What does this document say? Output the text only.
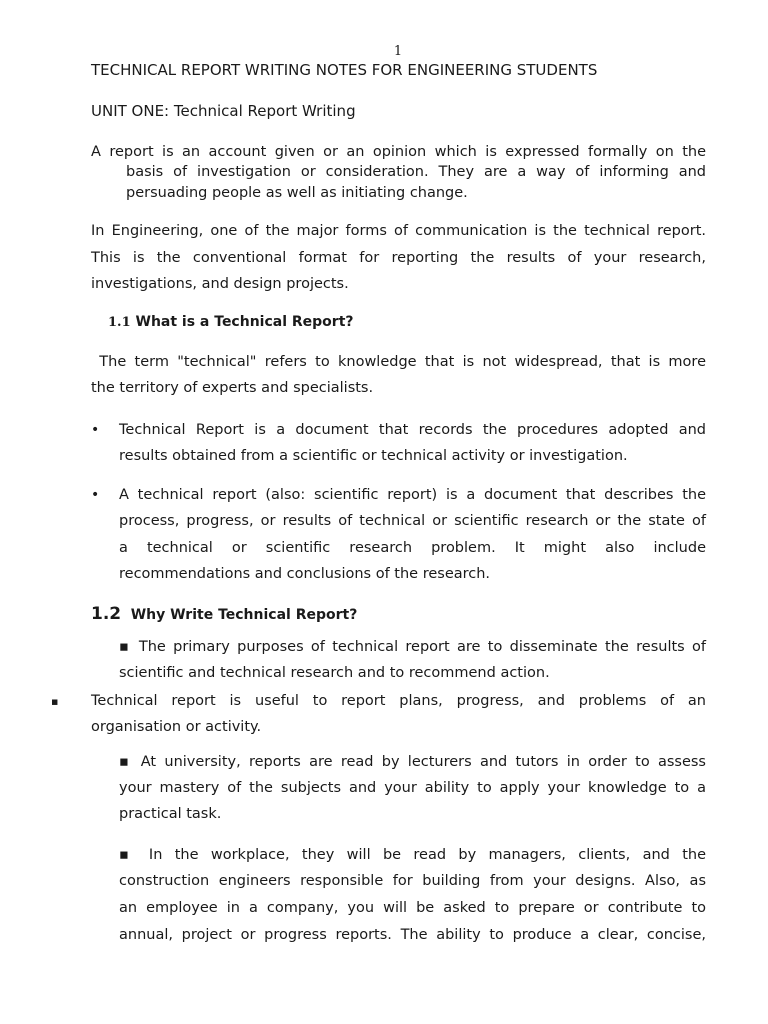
1
TECHNICAL REPORT WRITING NOTES FOR ENGINEERING STUDENTS
UNIT ONE: Technical Report Writing
A report is an account given or an opinion which is expressed formally on the
basis of investigation or consideration. They are a way of informing and
persuading people as well as initiating change.
In Engineering, one of the major forms of communication is the technical report.
This is the conventional format for reporting the results of your research,
investigations, and design projects.
1.1 What is a Technical Report?
The term "technical" refers to knowledge that is not widespread, that is more
the territory of experts and specialists.
• Technical Report is a document that records the procedures adopted and
results obtained from a scientific or technical activity or investigation.
• A technical report (also: scientific report) is a document that describes the
process, progress, or results of technical or scientific research or the state of
a technical or scientific research problem. It might also include
recommendations and conclusions of the research.
1.2 Why Write Technical Report?
▪ The primary purposes of technical report are to disseminate the results of
scientific and technical research and to recommend action.
▪ Technical report is useful to report plans, progress, and problems of an
organisation or activity.
▪ At university, reports are read by lecturers and tutors in order to assess
your mastery of the subjects and your ability to apply your knowledge to a
practical task.
▪ In the workplace, they will be read by managers, clients, and the
construction engineers responsible for building from your designs. Also, as
an employee in a company, you will be asked to prepare or contribute to
annual, project or progress reports. The ability to produce a clear, concise,
